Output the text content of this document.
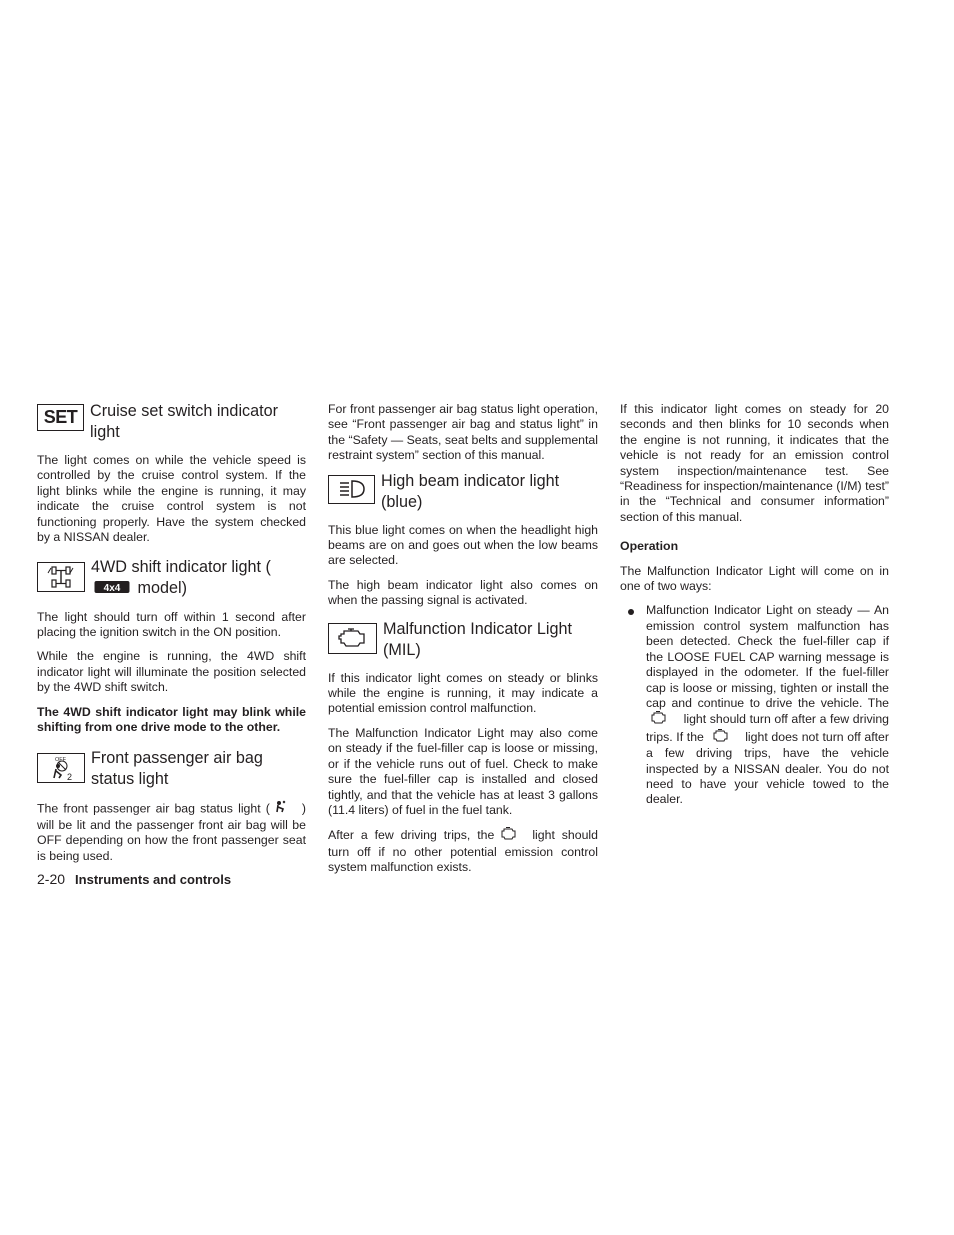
SET Cruise set switch indicator light

The light comes on while the vehicle speed is controlled by the cruise control system. If the light blinks while the engine is running, it may indicate the cruise control system is not functioning properly. Have the system checked by a NISSAN dealer.

4WD shift indicator light (
4x4 model)

The light should turn off within 1 second after placing the ignition switch in the ON position.

While the engine is running, the 4WD shift indicator light will illuminate the position selected by the 4WD shift switch.

The 4WD shift indicator light may blink while shifting from one drive mode to the other.

OFF
2
Front passenger air bag status light

The front passenger air bag status light (	) will be lit and the passenger front air bag will be OFF depending on how the front passenger seat is being used.

For front passenger air bag status light operation, see “Front passenger air bag and status light” in the “Safety — Seats, seat belts and supplemental restraint system” section of this manual.

High beam indicator light (blue)

This blue light comes on when the headlight high beams are on and goes out when the low beams are selected.

The high beam indicator light also comes on when the passing signal is activated.

Malfunction Indicator Light (MIL)

If this indicator light comes on steady or blinks while the engine is running, it may indicate a potential emission control malfunction.

The Malfunction Indicator Light may also come on steady if the fuel-filler cap is loose or missing, or if the vehicle runs out of fuel. Check to make sure the fuel-filler cap is installed and closed tightly, and that the vehicle has at least 3 gallons (11.4 liters) of fuel in the fuel tank.

After a few driving trips, the	light should turn off if no other potential emission control system malfunction exists.

If this indicator light comes on steady for 20 seconds and then blinks for 10 seconds when the engine is not running, it indicates that the vehicle is not ready for an emission control system inspection/maintenance test. See “Readiness for inspection/maintenance (I/M) test” in the “Technical and consumer information” section of this manual.

Operation

The Malfunction Indicator Light will come on in one of two ways:

Malfunction Indicator Light on steady — An emission control system malfunction has been detected. Check the fuel-filler cap if the LOOSE FUEL CAP warning message is displayed in the odometer. If the fuel-filler cap is loose or missing, tighten or install the cap and continue to drive the vehicle. The  light should turn off after a few driving trips. If the	light does not turn off after a few driving trips, have the vehicle inspected by a NISSAN dealer. You do not need to have your vehicle towed to the dealer.
2-20 Instruments and controls
